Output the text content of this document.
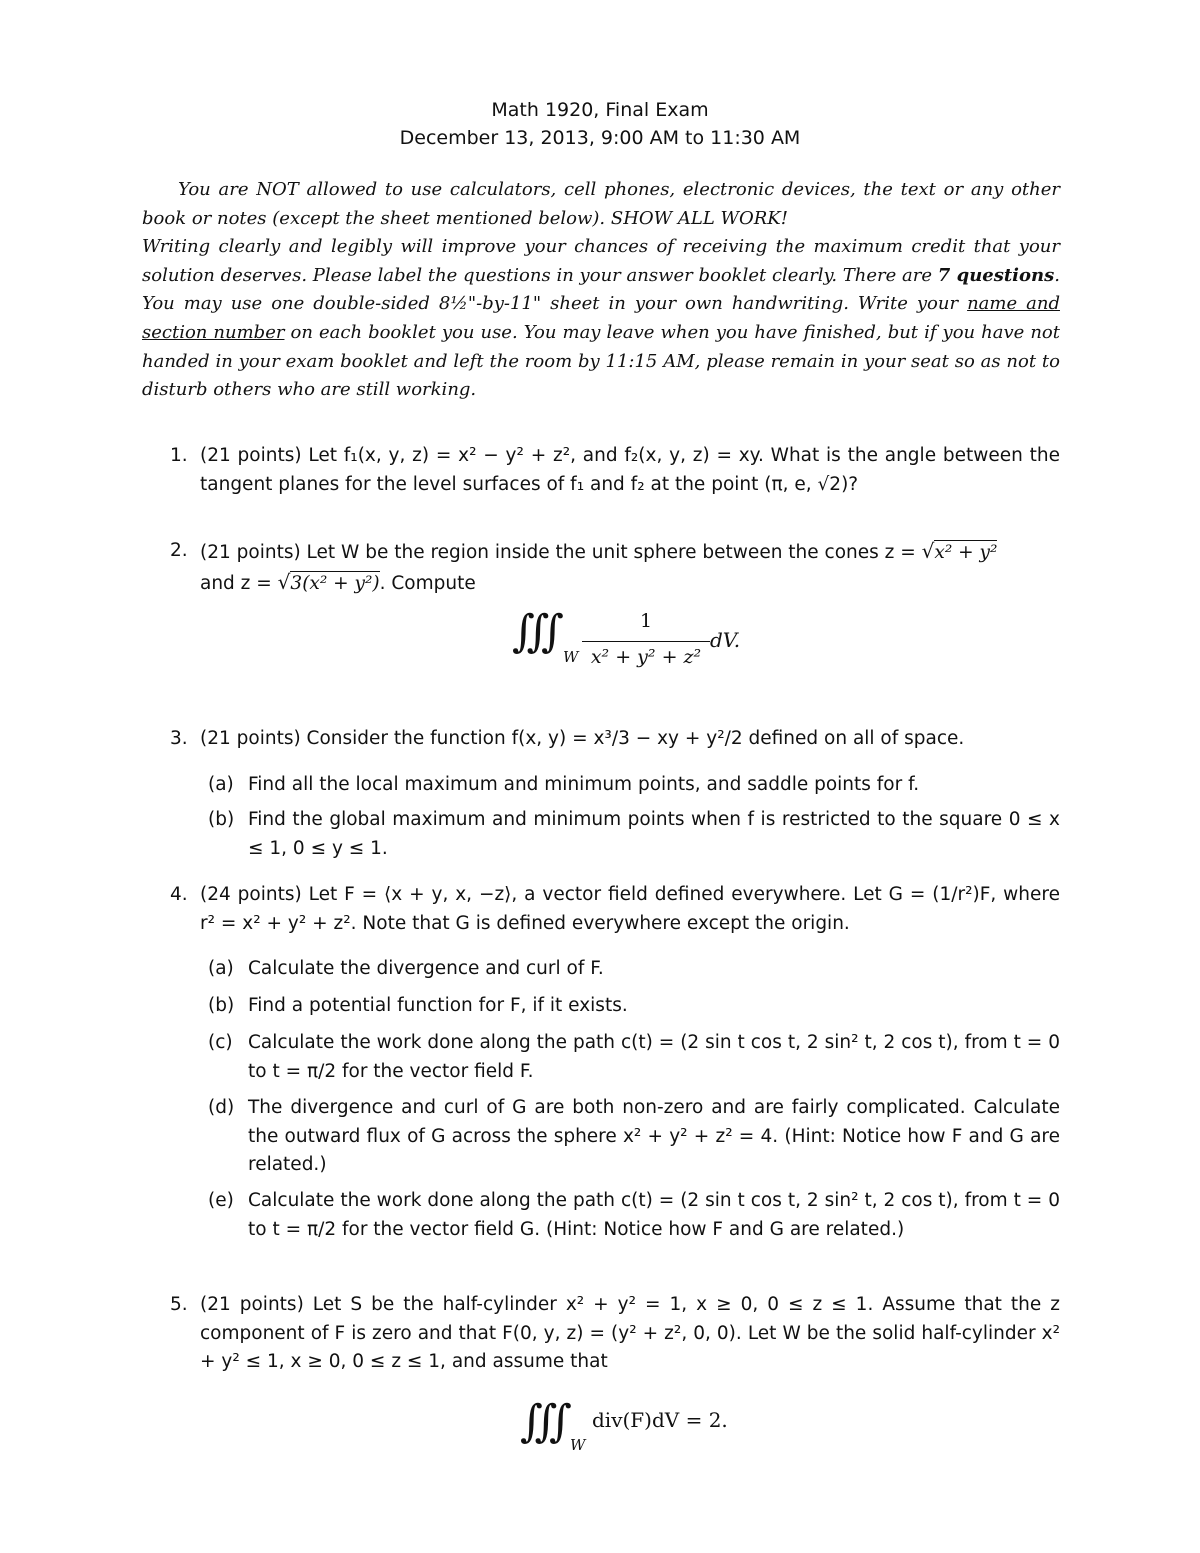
Math 1920, Final Exam
December 13, 2013, 9:00 AM to 11:30 AM

You are NOT allowed to use calculators, cell phones, electronic devices, the text or any other book or notes (except the sheet mentioned below). SHOW ALL WORK!

Writing clearly and legibly will improve your chances of receiving the maximum credit that your solution deserves. Please label the questions in your answer booklet clearly. There are 7 questions. You may use one double-sided 8½"-by-11" sheet in your own handwriting. Write your name and section number on each booklet you use. You may leave when you have finished, but if you have not handed in your exam booklet and left the room by 11:15 AM, please remain in your seat so as not to disturb others who are still working.

1. (21 points) Let f₁(x, y, z) = x² − y² + z², and f₂(x, y, z) = xy. What is the angle between the tangent planes for the level surfaces of f₁ and f₂ at the point (π, e, √2)?
2. (21 points) Let W be the region inside the unit sphere between the cones z = √x² + y²
and z = √3(x² + y²). Compute
∭
W
1
x² + y² + z²
dV.
3. (21 points) Consider the function f(x, y) = x³/3 − xy + y²/2 defined on all of space.
(a) Find all the local maximum and minimum points, and saddle points for f.
(b) Find the global maximum and minimum points when f is restricted to the square 0 ≤ x ≤ 1, 0 ≤ y ≤ 1.
4. (24 points) Let F = ⟨x + y, x, −z⟩, a vector field defined everywhere. Let G = (1/r²)F, where r² = x² + y² + z². Note that G is defined everywhere except the origin.
(a) Calculate the divergence and curl of F.
(b) Find a potential function for F, if it exists.
(c) Calculate the work done along the path c(t) = (2 sin t cos t, 2 sin² t, 2 cos t), from t = 0 to t = π/2 for the vector field F.
(d) The divergence and curl of G are both non-zero and are fairly complicated. Calculate the outward flux of G across the sphere x² + y² + z² = 4. (Hint: Notice how F and G are related.)
(e) Calculate the work done along the path c(t) = (2 sin t cos t, 2 sin² t, 2 cos t), from t = 0 to t = π/2 for the vector field G. (Hint: Notice how F and G are related.)
5. (21 points) Let S be the half-cylinder x² + y² = 1, x ≥ 0, 0 ≤ z ≤ 1. Assume that the z component of F is zero and that F(0, y, z) = (y² + z², 0, 0). Let W be the solid half-cylinder x² + y² ≤ 1, x ≥ 0, 0 ≤ z ≤ 1, and assume that
∭
W
div(F)dV = 2.
